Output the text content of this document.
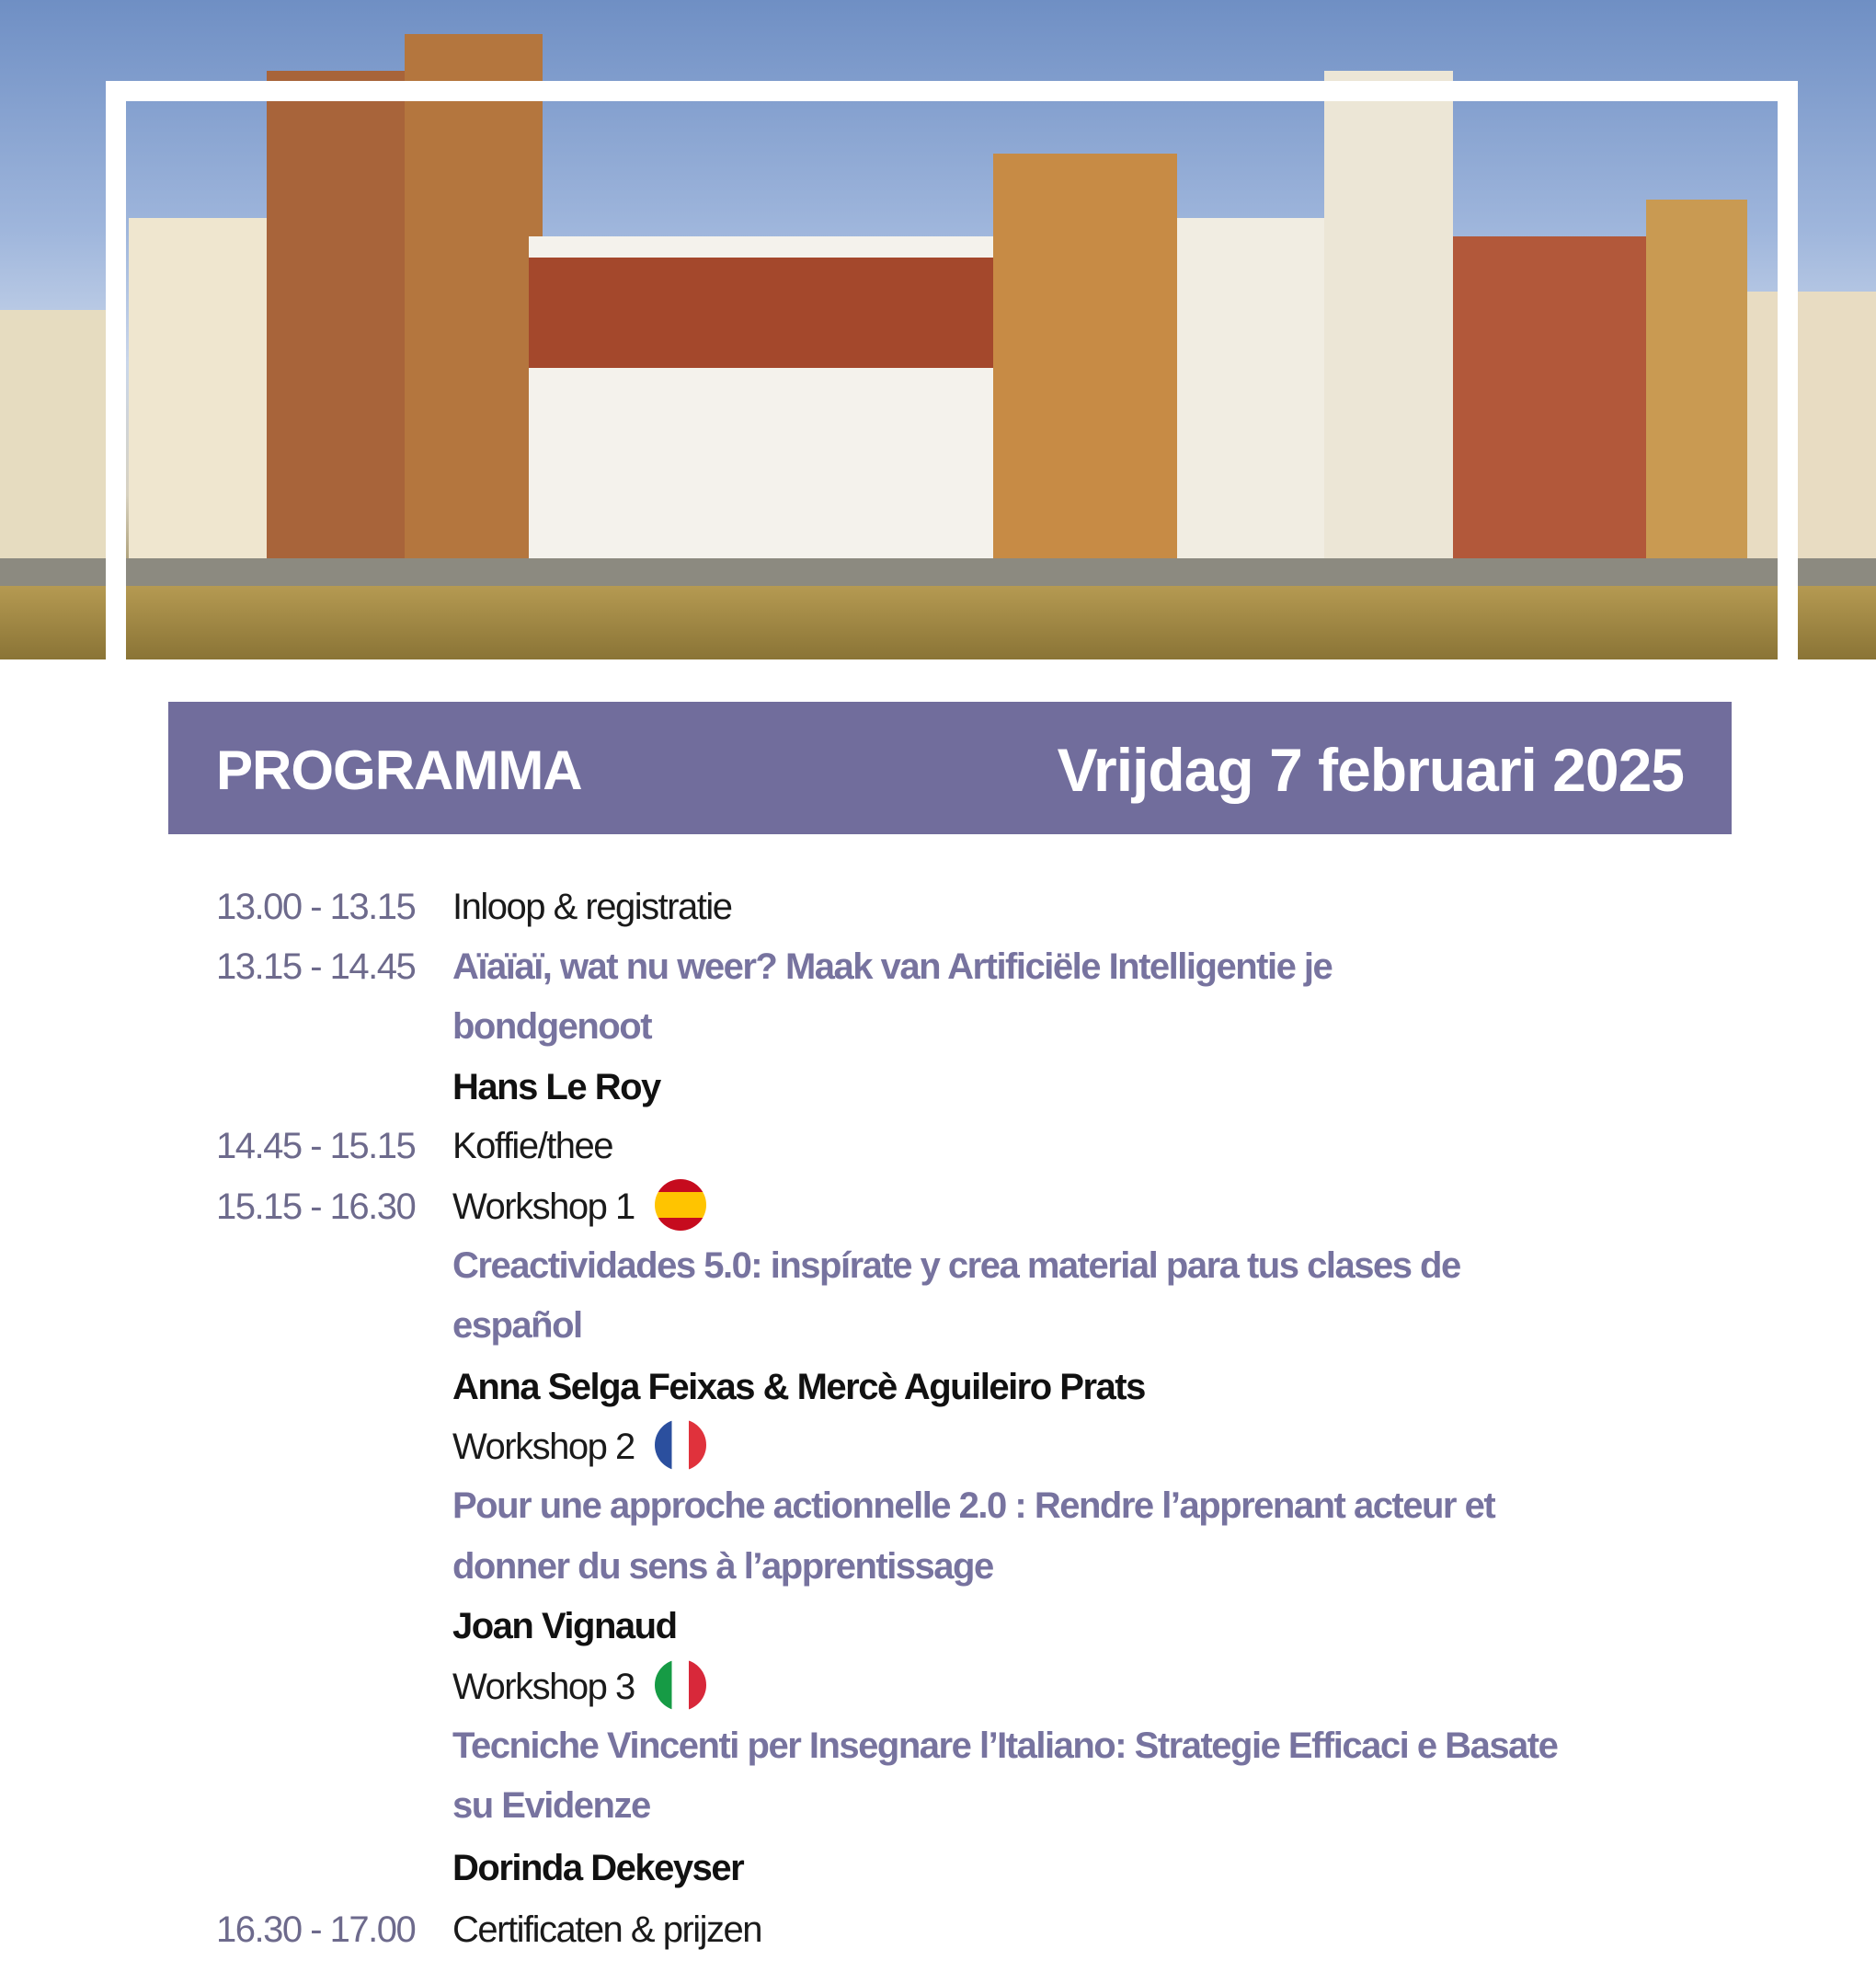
PROGRAMMA	Vrijdag 7 februari 2025
13.00 - 13.15 Inloop & registratie
13.15 - 14.45 Aïaïaï, wat nu weer? Maak van Artificiële Intelligentie je
bondgenoot
Hans Le Roy
14.45 - 15.15 Koffie/thee
15.15 - 16.30 Workshop 1
Creactividades 5.0: inspírate y crea material para tus clases de
español
Anna Selga Feixas & Mercè Aguileiro Prats
Workshop 2
Pour une approche actionnelle 2.0 : Rendre l’apprenant acteur et
donner du sens à l’apprentissage
Joan Vignaud
Workshop 3
Tecniche Vincenti per Insegnare l’Italiano: Strategie Efficaci e Basate
su Evidenze
Dorinda Dekeyser
16.30 - 17.00 Certificaten & prijzen
